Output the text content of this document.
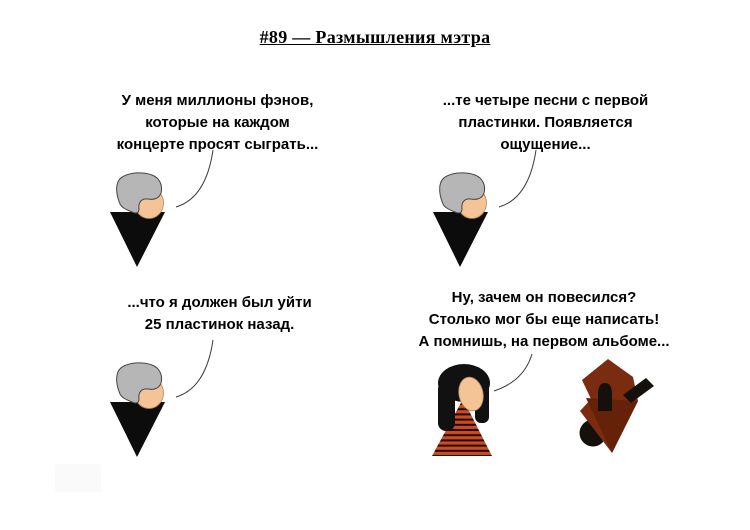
#89 — Размышления мэтра
У меня миллионы фэнов,
которые на каждом
концерте просят сыграть...
...те четыре песни с первой
пластинки. Появляется
ощущение...
...что я должен был уйти
25 пластинок назад.
Ну, зачем он повесился?
Столько мог бы еще написать!
А помнишь, на первом альбоме...
